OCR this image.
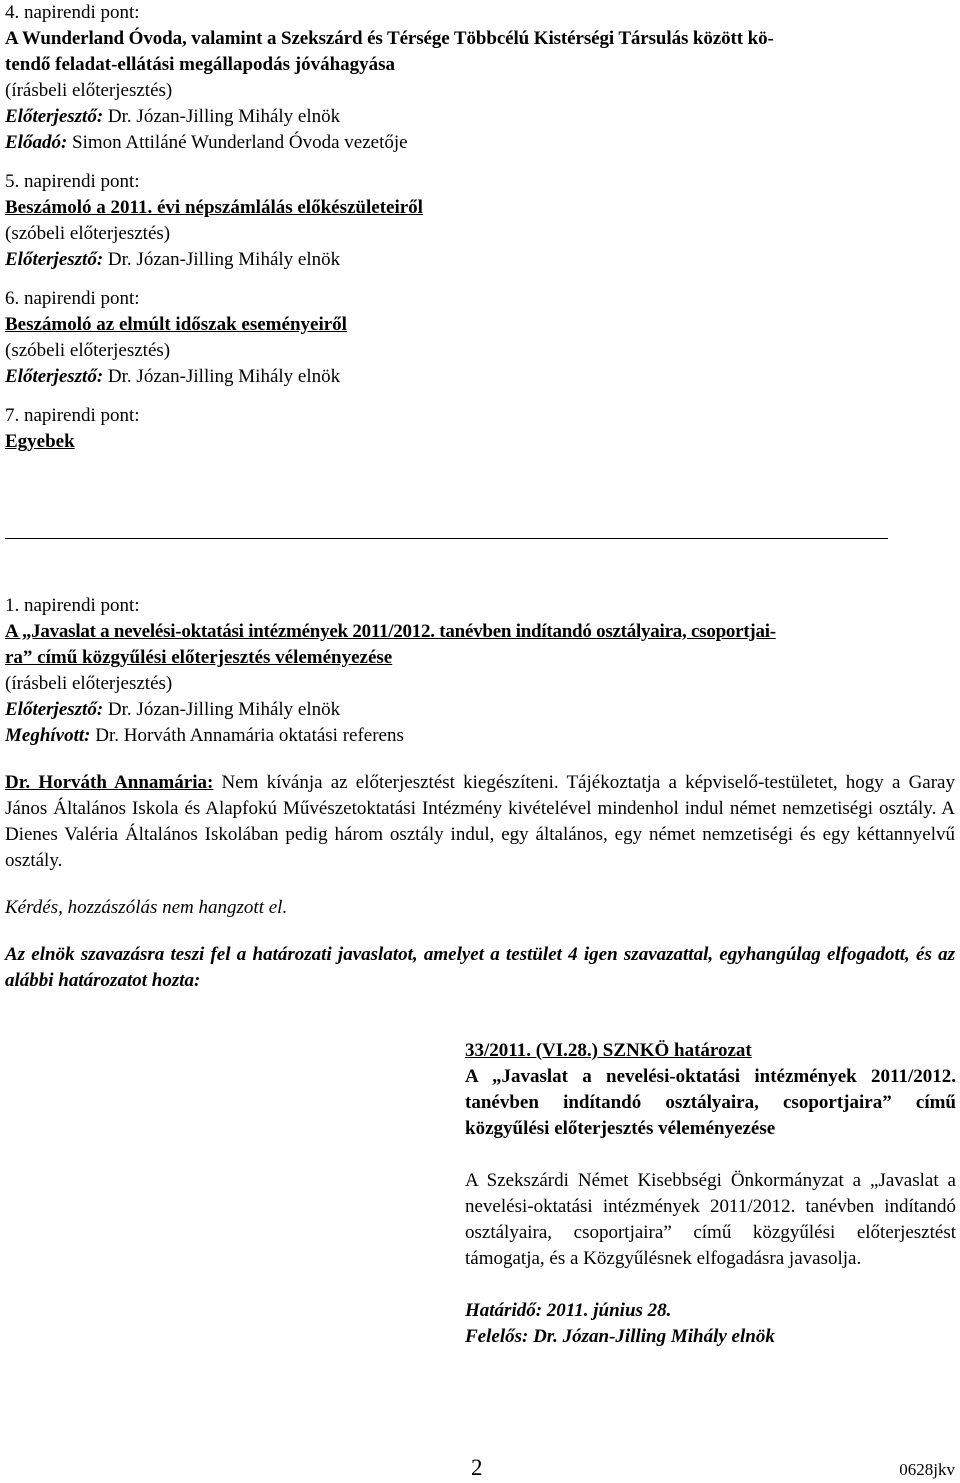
4. napirendi pont:

A Wunderland Óvoda, valamint a Szekszárd és Térsége Többcélú Kistérségi Társulás között kö-

tendő feladat-ellátási megállapodás jóváhagyása

(írásbeli előterjesztés)

Előterjesztő: Dr. Józan-Jilling Mihály elnök

Előadó: Simon Attiláné Wunderland Óvoda vezetője

5. napirendi pont:

Beszámoló a 2011. évi népszámlálás előkészületeiről

(szóbeli előterjesztés)

Előterjesztő: Dr. Józan-Jilling Mihály elnök

6. napirendi pont:

Beszámoló az elmúlt időszak eseményeiről

(szóbeli előterjesztés)

Előterjesztő: Dr. Józan-Jilling Mihály elnök

7. napirendi pont:

Egyebek

1. napirendi pont:

A „Javaslat a nevelési-oktatási intézmények 2011/2012. tanévben indítandó osztályaira, csoportjai-

ra” című közgyűlési előterjesztés véleményezése

(írásbeli előterjesztés)

Előterjesztő: Dr. Józan-Jilling Mihály elnök

Meghívott: Dr. Horváth Annamária oktatási referens

Dr. Horváth Annamária: Nem kívánja az előterjesztést kiegészíteni. Tájékoztatja a képviselő-testületet, hogy a Garay János Általános Iskola és Alapfokú Művészetoktatási Intézmény kivételével mindenhol indul német nemzetiségi osztály. A Dienes Valéria Általános Iskolában pedig három osztály indul, egy általános, egy német nemzetiségi és egy kéttannyelvű osztály.

Kérdés, hozzászólás nem hangzott el.

Az elnök szavazásra teszi fel a határozati javaslatot, amelyet a testület 4 igen szavazattal, egyhangúlag elfogadott, és az alábbi határozatot hozta:

33/2011. (VI.28.) SZNKÖ határozat

A „Javaslat a nevelési-oktatási intézmények 2011/2012. tanévben indítandó osztályaira, csoportjaira” című közgyűlési előterjesztés véleményezése

A Szekszárdi Német Kisebbségi Önkormányzat a „Javaslat a nevelési-oktatási intézmények 2011/2012. tanévben indítandó osztályaira, csoportjaira” című közgyűlési előterjesztést támogatja, és a Közgyűlésnek elfogadásra javasolja.

Határidő: 2011. június 28.

Felelős: Dr. Józan-Jilling Mihály elnök

2	0628jkv
